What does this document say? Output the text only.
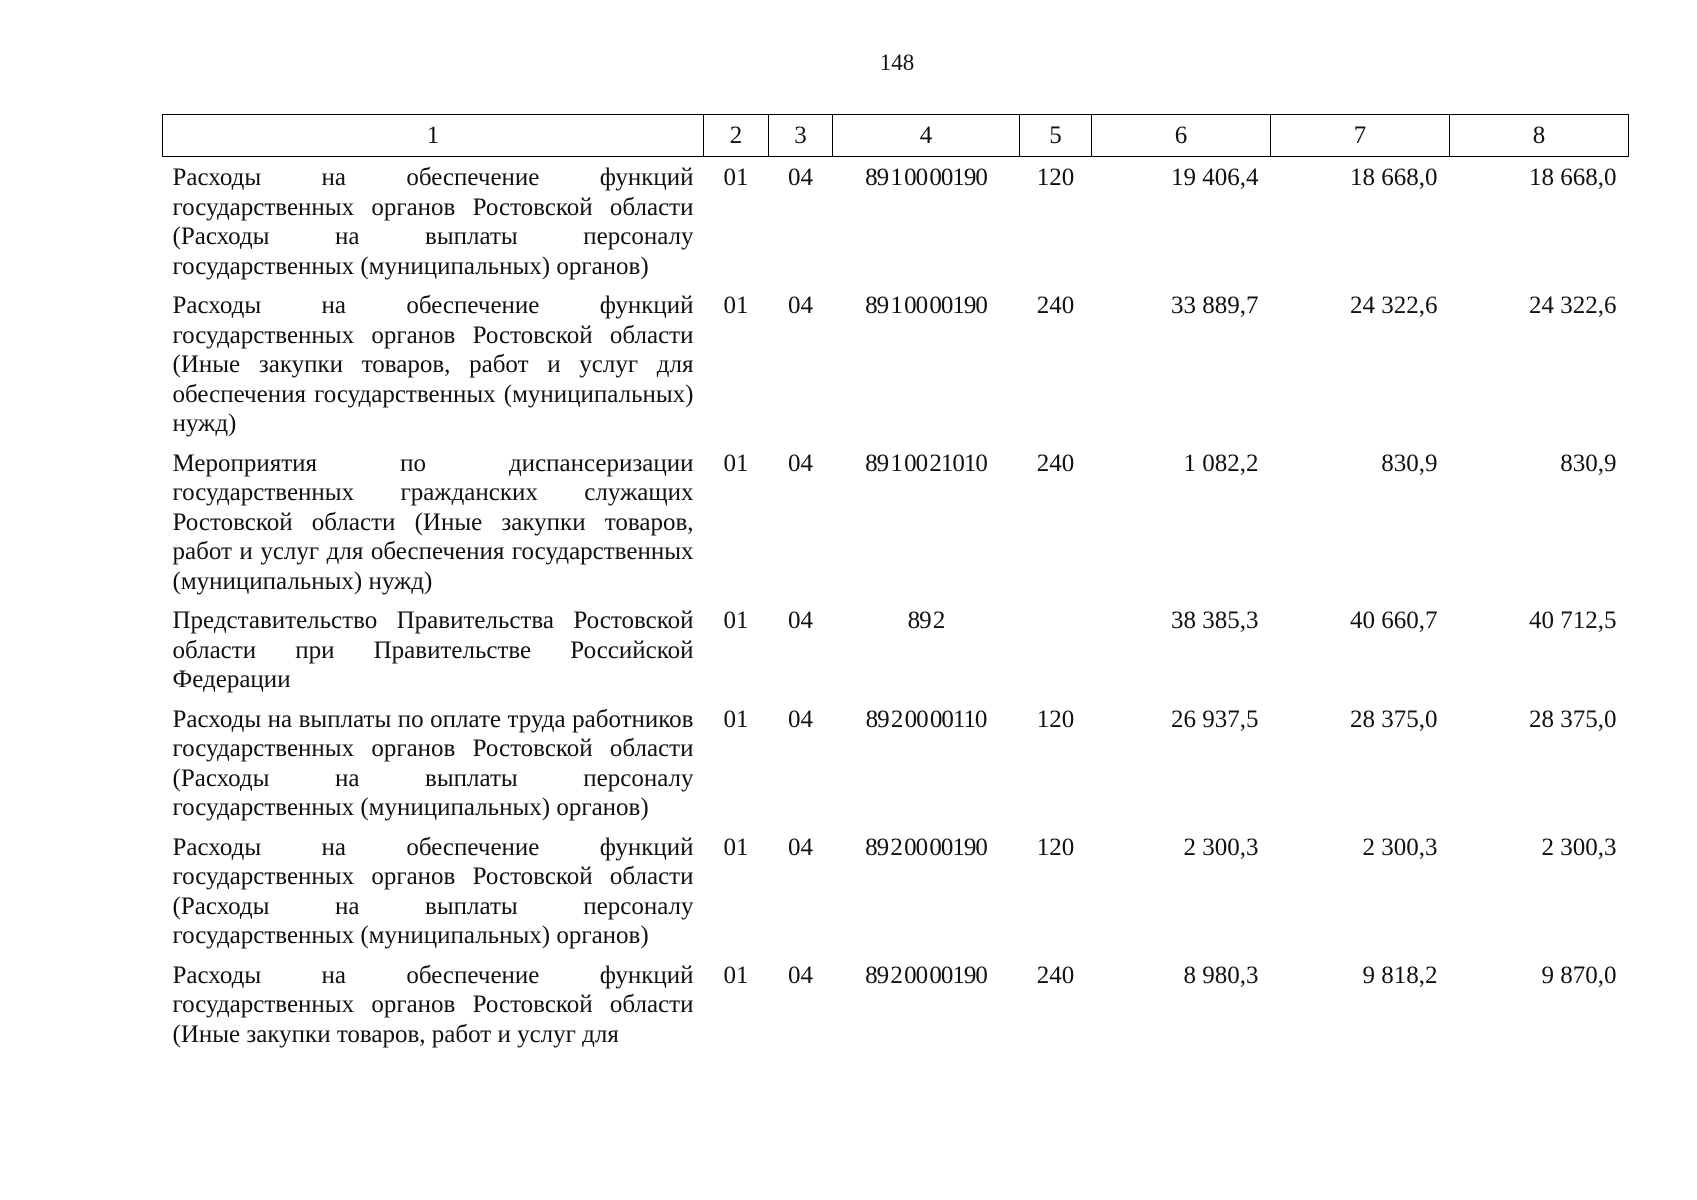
148
1	2	3	4	5	6	7	8
Расходы на обеспечение функций государственных органов Ростовской области (Расходы на выплаты персоналу государственных (муниципальных) органов)	01	04	89 1 00 00190	120	19 406,4	18 668,0	18 668,0
Расходы на обеспечение функций государственных органов Ростовской области (Иные закупки товаров, работ и услуг для обеспечения государственных (муниципальных) нужд)	01	04	89 1 00 00190	240	33 889,7	24 322,6	24 322,6
Мероприятия по диспансеризации государственных гражданских служащих Ростовской области (Иные закупки товаров, работ и услуг для обеспечения государственных (муниципальных) нужд)	01	04	89 1 00 21010	240	1 082,2	830,9	830,9
Представительство Правительства Ростовской области при Правительстве Российской Федерации	01	04	89 2		38 385,3	40 660,7	40 712,5
Расходы на выплаты по оплате труда работников государственных органов Ростовской области (Расходы на выплаты персоналу государственных (муниципальных) органов)	01	04	89 2 00 00110	120	26 937,5	28 375,0	28 375,0
Расходы на обеспечение функций государственных органов Ростовской области (Расходы на выплаты персоналу государственных (муниципальных) органов)	01	04	89 2 00 00190	120	2 300,3	2 300,3	2 300,3
Расходы на обеспечение функций государственных органов Ростовской области (Иные закупки товаров, работ и услуг для	01	04	89 2 00 00190	240	8 980,3	9 818,2	9 870,0
